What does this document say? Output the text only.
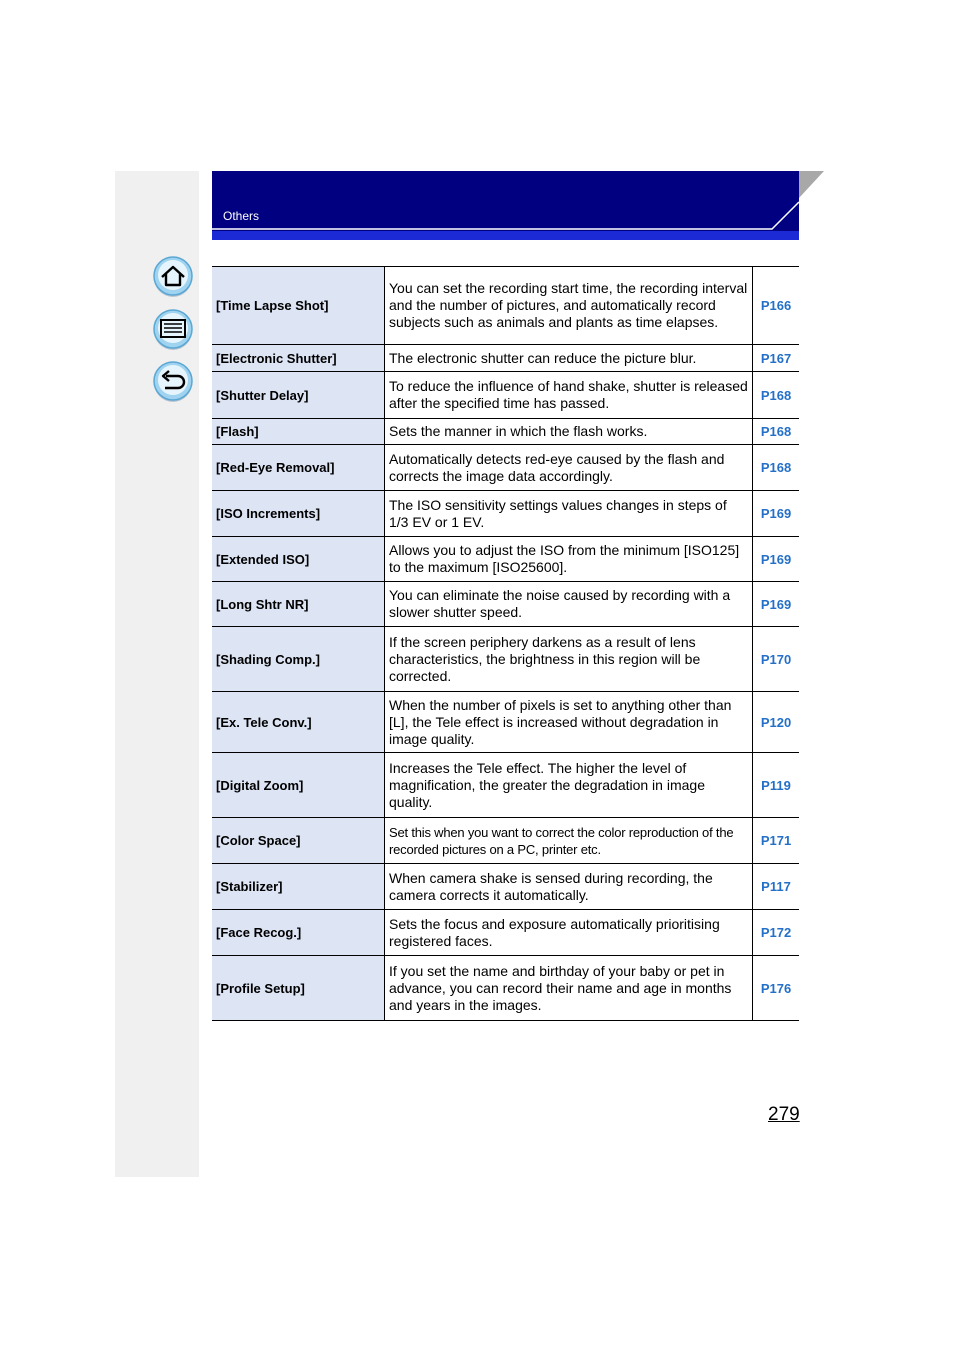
Others
[Time Lapse Shot]	You can set the recording start time, the recording interval and the number of pictures, and automatically record subjects such as animals and plants as time elapses.	P166
[Electronic Shutter]	The electronic shutter can reduce the picture blur.	P167
[Shutter Delay]	To reduce the influence of hand shake, shutter is released after the specified time has passed.	P168
[Flash]	Sets the manner in which the flash works.	P168
[Red-Eye Removal]	Automatically detects red-eye caused by the flash and corrects the image data accordingly.	P168
[ISO Increments]	The ISO sensitivity settings values changes in steps of 1/3 EV or 1 EV.	P169
[Extended ISO]	Allows you to adjust the ISO from the minimum [ISO125] to the maximum [ISO25600].	P169
[Long Shtr NR]	You can eliminate the noise caused by recording with a slower shutter speed.	P169
[Shading Comp.]	If the screen periphery darkens as a result of lens characteristics, the brightness in this region will be corrected.	P170
[Ex. Tele Conv.]	When the number of pixels is set to anything other than [L], the Tele effect is increased without degradation in image quality.	P120
[Digital Zoom]	Increases the Tele effect. The higher the level of magnification, the greater the degradation in image quality.	P119
[Color Space]	Set this when you want to correct the color reproduction of the recorded pictures on a PC, printer etc.	P171
[Stabilizer]	When camera shake is sensed during recording, the camera corrects it automatically.	P117
[Face Recog.]	Sets the focus and exposure automatically prioritising registered faces.	P172
[Profile Setup]	If you set the name and birthday of your baby or pet in advance, you can record their name and age in months and years in the images.	P176
279
